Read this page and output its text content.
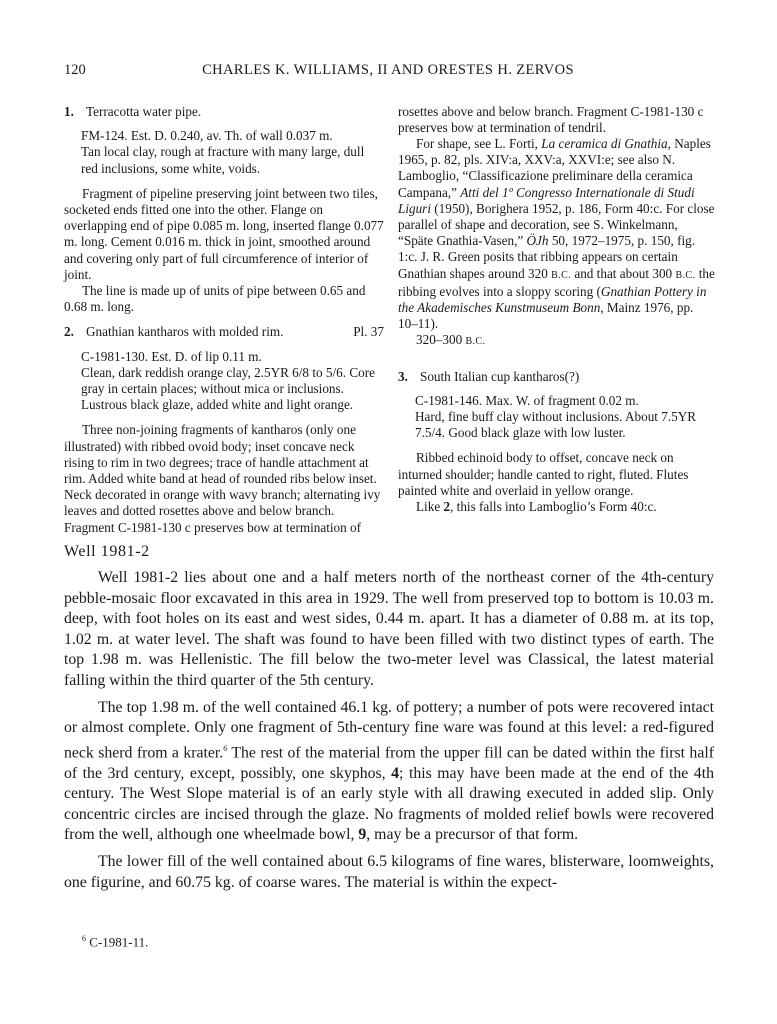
120	CHARLES K. WILLIAMS, II AND ORESTES H. ZERVOS
1. Terracotta water pipe.

FM-124. Est. D. 0.240, av. Th. of wall 0.037 m.

Tan local clay, rough at fracture with many large, dull red inclusions, some white, voids.

Fragment of pipeline preserving joint between two tiles, socketed ends fitted one into the other. Flange on overlapping end of pipe 0.085 m. long, inserted flange 0.077 m. long. Cement 0.016 m. thick in joint, smoothed around and covering only part of full circumference of interior of joint.

The line is made up of units of pipe between 0.65 and 0.68 m. long.

2. Gnathian kantharos with molded rim.	Pl. 37

C-1981-130. Est. D. of lip 0.11 m.

Clean, dark reddish orange clay, 2.5YR 6/8 to 5/6. Core gray in certain places; without mica or inclusions. Lustrous black glaze, added white and light orange.

Three non-joining fragments of kantharos (only one illustrated) with ribbed ovoid body; inset concave neck rising to rim in two degrees; trace of handle attachment at rim. Added white band at head of rounded ribs below inset. Neck decorated in orange with wavy branch; alternating ivy leaves and dotted rosettes above and below branch. Fragment C-1981-130 c preserves bow at termination of

rosettes above and below branch. Fragment C-1981-130 c preserves bow at termination of tendril.

For shape, see L. Forti, La ceramica di Gnathia, Naples 1965, p. 82, pls. XIV:a, XXV:a, XXVI:e; see also N. Lamboglio, “Classificazione preliminare della ceramica Campana,” Atti del 1º Congresso Internationale di Studi Liguri (1950), Borighera 1952, p. 186, Form 40:c. For close parallel of shape and decoration, see S. Winkelmann, “Späte Gnathia-Vasen,” ÖJh 50, 1972–1975, p. 150, fig. 1:c. J. R. Green posits that ribbing appears on certain Gnathian shapes around 320 B.C. and that about 300 B.C. the ribbing evolves into a sloppy scoring (Gnathian Pottery in the Akademisches Kunstmuseum Bonn, Mainz 1976, pp. 10–11).

320–300 B.C.

3. South Italian cup kantharos(?)

C-1981-146. Max. W. of fragment 0.02 m.

Hard, fine buff clay without inclusions. About 7.5YR 7.5/4. Good black glaze with low luster.

Ribbed echinoid body to offset, concave neck on inturned shoulder; handle canted to right, fluted. Flutes painted white and overlaid in yellow orange.

Like 2, this falls into Lamboglio’s Form 40:c.

Well 1981-2

Well 1981-2 lies about one and a half meters north of the northeast corner of the 4th-century pebble-mosaic floor excavated in this area in 1929. The well from preserved top to bottom is 10.03 m. deep, with foot holes on its east and west sides, 0.44 m. apart. It has a diameter of 0.88 m. at its top, 1.02 m. at water level. The shaft was found to have been filled with two distinct types of earth. The top 1.98 m. was Hellenistic. The fill below the two-meter level was Classical, the latest material falling within the third quarter of the 5th century.

The top 1.98 m. of the well contained 46.1 kg. of pottery; a number of pots were recovered intact or almost complete. Only one fragment of 5th-century fine ware was found at this level: a red-figured neck sherd from a krater.$^6$ The rest of the material from the upper fill can be dated within the first half of the 3rd century, except, possibly, one skyphos, 4; this may have been made at the end of the 4th century. The West Slope material is of an early style with all drawing executed in added slip. Only concentric circles are incised through the glaze. No fragments of molded relief bowls were recovered from the well, although one wheelmade bowl, 9, may be a precursor of that form.

The lower fill of the well contained about 6.5 kilograms of fine wares, blisterware, loomweights, one figurine, and 60.75 kg. of coarse wares. The material is within the expect-

$^6$ C-1981-11.
